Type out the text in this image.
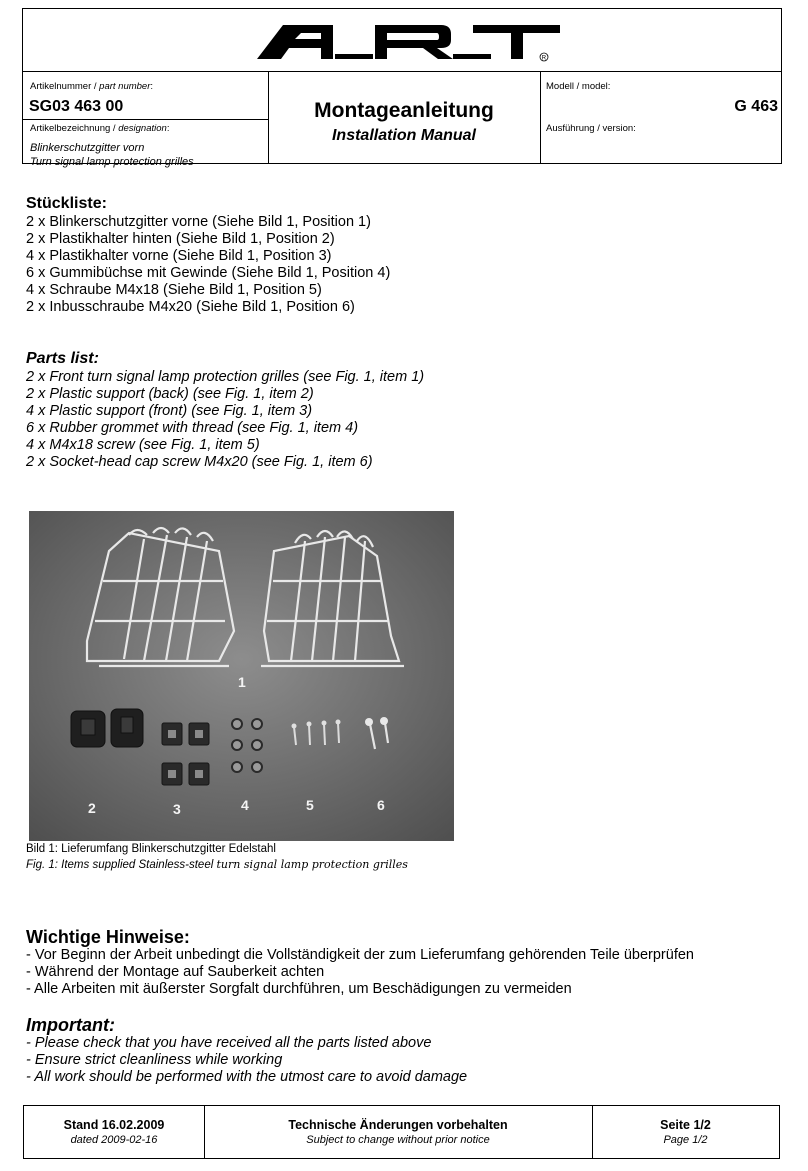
R
Artikelnummer / part number:
SG03 463 00
Artikelbezeichnung / designation:
Blinkerschutzgitter vorn
Turn signal lamp protection grilles
Montageanleitung
Installation Manual
Modell / model:
G 463
Ausführung / version:
Stückliste:
2 x Blinkerschutzgitter vorne (Siehe Bild 1, Position 1)
2 x Plastikhalter hinten (Siehe Bild 1, Position 2)
4 x Plastikhalter vorne (Siehe Bild 1, Position 3)
6 x Gummibüchse mit Gewinde (Siehe Bild 1, Position 4)
4 x Schraube M4x18 (Siehe Bild 1, Position 5)
2 x Inbusschraube M4x20 (Siehe Bild 1, Position 6)
Parts list:
2 x Front turn signal lamp protection grilles (see Fig. 1, item 1)
2 x Plastic support (back) (see Fig. 1, item 2)
4 x Plastic support (front) (see Fig. 1, item 3)
6 x Rubber grommet with thread (see Fig. 1, item 4)
4 x M4x18 screw (see Fig. 1, item 5)
2 x Socket-head cap screw M4x20 (see Fig. 1, item 6)
1
2	3	4	5	6
Bild 1: Lieferumfang Blinkerschutzgitter Edelstahl
Fig. 1: Items supplied Stainless-steel turn signal lamp protection grilles
Wichtige Hinweise:
- Vor Beginn der Arbeit unbedingt die Vollständigkeit der zum Lieferumfang gehörenden Teile überprüfen
- Während der Montage auf Sauberkeit achten
- Alle Arbeiten mit äußerster Sorgfalt durchführen, um Beschädigungen zu vermeiden
Important:
- Please check that you have received all the parts listed above
- Ensure strict cleanliness while working
- All work should be performed with the utmost care to avoid damage
Stand 16.02.2009
dated 2009-02-16
Technische Änderungen vorbehalten
Subject to change without prior notice
Seite 1/2
Page 1/2
